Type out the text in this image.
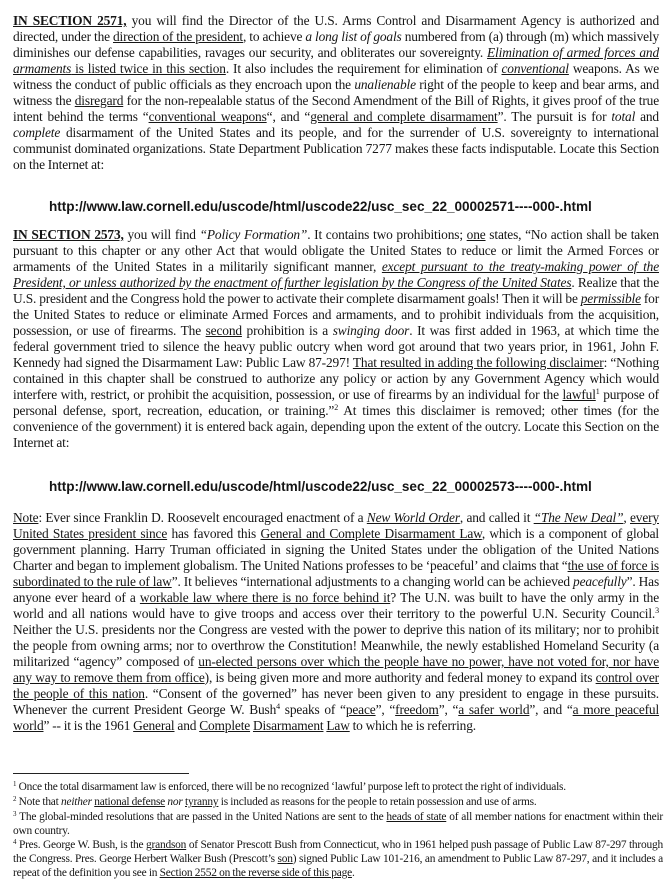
IN SECTION 2571, you will find the Director of the U.S. Arms Control and Disarmament Agency is authorized and directed, under the direction of the president, to achieve a long list of goals numbered from (a) through (m) which massively diminishes our defense capabilities, ravages our security, and obliterates our sovereignty. Elimination of armed forces and armaments is listed twice in this section. It also includes the requirement for elimination of conventional weapons. As we witness the conduct of public officials as they encroach upon the unalienable right of the people to keep and bear arms, and witness the disregard for the non-repealable status of the Second Amendment of the Bill of Rights, it gives proof of the true intent behind the terms “conventional weapons“, and “general and complete disarmament”. The pursuit is for total and complete disarmament of the United States and its people, and for the surrender of U.S. sovereignty to international communist dominated organizations. State Department Publication 7277 makes these facts indisputable. Locate this Section on the Internet at:
http://www.law.cornell.edu/uscode/html/uscode22/usc_sec_22_00002571----000-.html
IN SECTION 2573, you will find “Policy Formation”. It contains two prohibitions; one states, “No action shall be taken pursuant to this chapter or any other Act that would obligate the United States to reduce or limit the Armed Forces or armaments of the United States in a militarily significant manner, except pursuant to the treaty-making power of the President, or unless authorized by the enactment of further legislation by the Congress of the United States. Realize that the U.S. president and the Congress hold the power to activate their complete disarmament goals! Then it will be permissible for the United States to reduce or eliminate Armed Forces and armaments, and to prohibit individuals from the acquisition, possession, or use of firearms. The second prohibition is a swinging door. It was first added in 1963, at which time the federal government tried to silence the heavy public outcry when word got around that two years prior, in 1961, John F. Kennedy had signed the Disarmament Law: Public Law 87-297! That resulted in adding the following disclaimer: “Nothing contained in this chapter shall be construed to authorize any policy or action by any Government Agency which would interfere with, restrict, or prohibit the acquisition, possession, or use of firearms by an individual for the lawful$^1$ purpose of personal defense, sport, recreation, education, or training.”$^2$ At times this disclaimer is removed; other times (for the convenience of the government) it is entered back again, depending upon the extent of the outcry. Locate this Section on the Internet at:
http://www.law.cornell.edu/uscode/html/uscode22/usc_sec_22_00002573----000-.html
Note: Ever since Franklin D. Roosevelt encouraged enactment of a New World Order, and called it “The New Deal”, every United States president since has favored this General and Complete Disarmament Law, which is a component of global government planning. Harry Truman officiated in signing the United States under the obligation of the United Nations Charter and began to implement globalism. The United Nations professes to be ‘peaceful’ and claims that “the use of force is subordinated to the rule of law”. It believes “international adjustments to a changing world can be achieved peacefully”. Has anyone ever heard of a workable law where there is no force behind it? The U.N. was built to have the only army in the world and all nations would have to give troops and access over their territory to the powerful U.N. Security Council.$^3$ Neither the U.S. presidents nor the Congress are vested with the power to deprive this nation of its military; nor to prohibit the people from owning arms; nor to overthrow the Constitution! Meanwhile, the newly established Homeland Security (a militarized “agency” composed of un-elected persons over which the people have no power, have not voted for, nor have any way to remove them from office), is being given more and more authority and federal money to expand its control over the people of this nation. “Consent of the governed” has never been given to any president to engage in these pursuits. Whenever the current President George W. Bush$^4$ speaks of “peace”, “freedom”, “a safer world”, and “a more peaceful world” -- it is the 1961 General and Complete Disarmament Law to which he is referring.
$^1$ Once the total disarmament law is enforced, there will be no recognized ‘lawful’ purpose left to protect the right of individuals.
$^2$ Note that neither national defense nor tyranny is included as reasons for the people to retain possession and use of arms.
$^3$ The global-minded resolutions that are passed in the United Nations are sent to the heads of state of all member nations for enactment within their own country.
$^4$ Pres. George W. Bush, is the grandson of Senator Prescott Bush from Connecticut, who in 1961 helped push passage of Public Law 87-297 through the Congress. Pres. George Herbert Walker Bush (Prescott’s son) signed Public Law 101-216, an amendment to Public Law 87-297, and it includes a repeat of the definition you see in Section 2552 on the reverse side of this page.
